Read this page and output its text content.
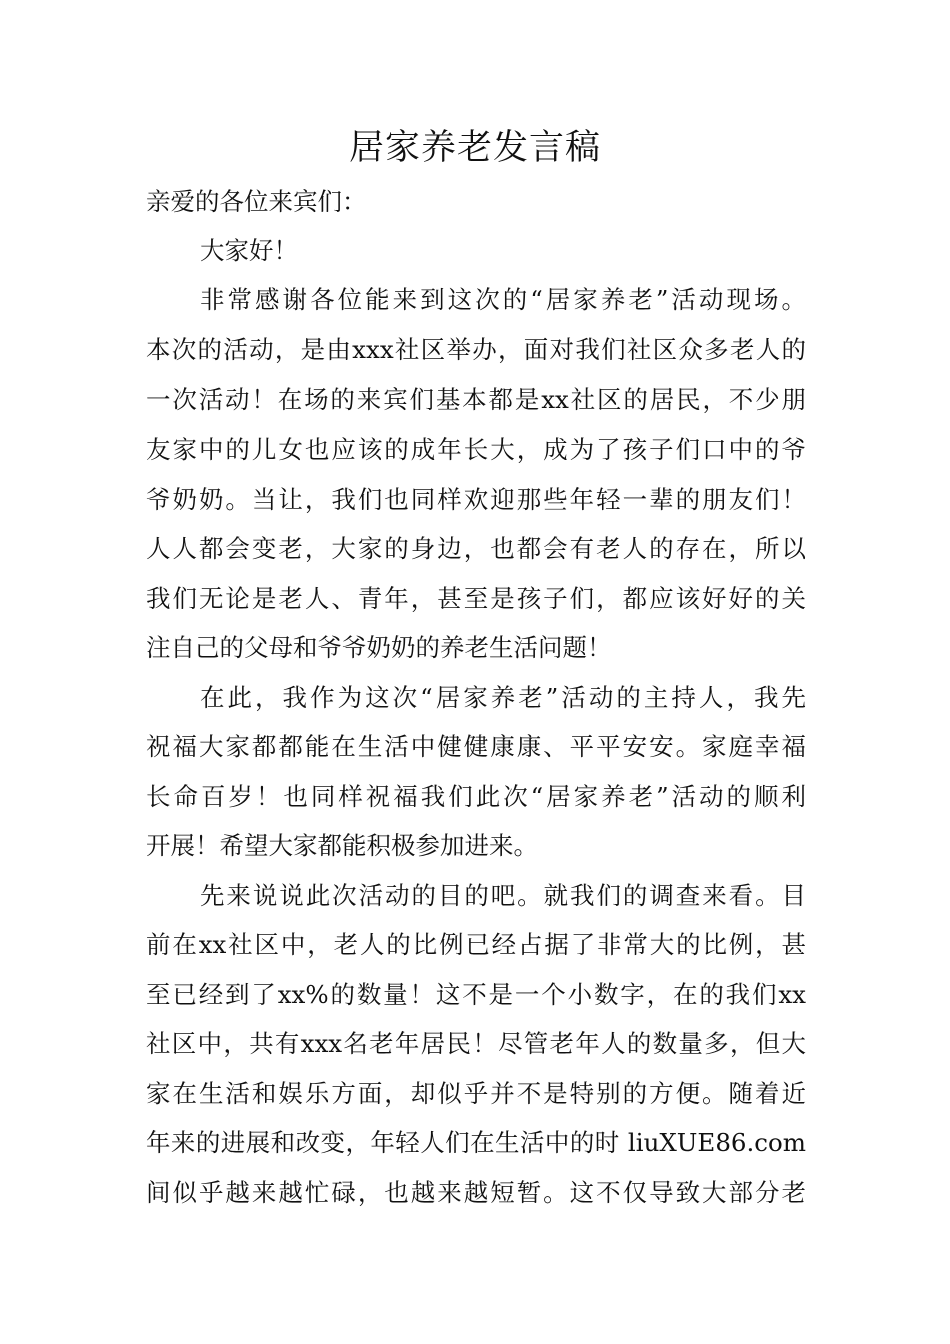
居家养老发言稿

亲爱的各位来宾们：

大家好！

非常感谢各位能来到这次的“居家养老”活动现场。

本次的活动，是由xxx社区举办，面对我们社区众多老人的

一次活动！在场的来宾们基本都是xx社区的居民，不少朋

友家中的儿女也应该的成年长大，成为了孩子们口中的爷

爷奶奶。当让，我们也同样欢迎那些年轻一辈的朋友们！

人人都会变老，大家的身边，也都会有老人的存在，所以

我们无论是老人、青年，甚至是孩子们，都应该好好的关

注自己的父母和爷爷奶奶的养老生活问题！

在此，我作为这次“居家养老”活动的主持人，我先

祝福大家都都能在生活中健健康康、平平安安。家庭幸福

长命百岁！也同样祝福我们此次“居家养老”活动的顺利

开展！希望大家都能积极参加进来。

先来说说此次活动的目的吧。就我们的调查来看。目

前在xx社区中，老人的比例已经占据了非常大的比例，甚

至已经到了xx%的数量！这不是一个小数字，在的我们xx

社区中，共有xxx名老年居民！尽管老年人的数量多，但大

家在生活和娱乐方面，却似乎并不是特别的方便。随着近

年来的进展和改变，年轻人们在生活中的时 liuXUE86.com

间似乎越来越忙碌，也越来越短暂。这不仅导致大部分老
